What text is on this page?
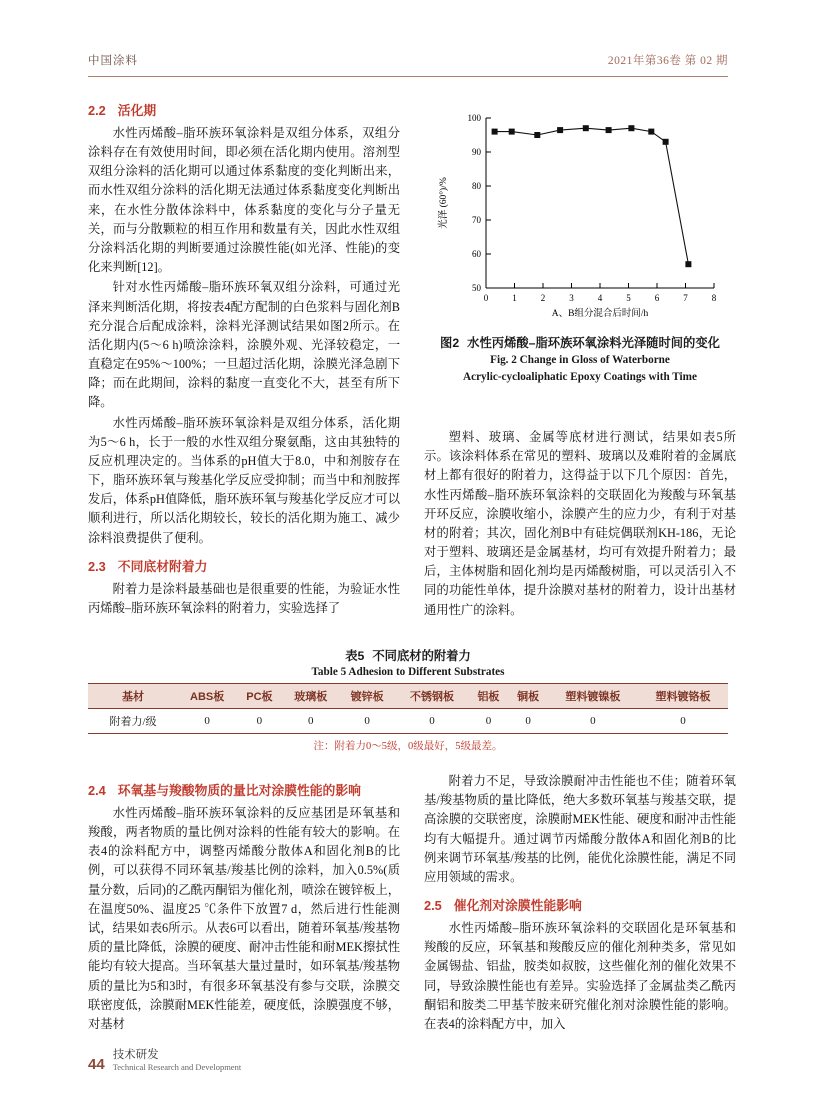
中国涂料	2021年第36卷 第 02 期
2.2 活化期

水性丙烯酸–脂环族环氧涂料是双组分体系，双组分涂料存在有效使用时间，即必须在活化期内使用。溶剂型双组分涂料的活化期可以通过体系黏度的变化判断出来，而水性双组分涂料的活化期无法通过体系黏度变化判断出来，在水性分散体涂料中，体系黏度的变化与分子量无关，而与分散颗粒的相互作用和数量有关，因此水性双组分涂料活化期的判断要通过涂膜性能(如光泽、性能)的变化来判断[12]。

针对水性丙烯酸–脂环族环氧双组分涂料，可通过光泽来判断活化期，将按表4配方配制的白色浆料与固化剂B充分混合后配成涂料，涂料光泽测试结果如图2所示。在活化期内(5～6 h)喷涂涂料，涂膜外观、光泽较稳定，一直稳定在95%～100%；一旦超过活化期，涂膜光泽急剧下降；而在此期间，涂料的黏度一直变化不大，甚至有所下降。

水性丙烯酸–脂环族环氧涂料是双组分体系，活化期为5～6 h，长于一般的水性双组分聚氨酯，这由其独特的反应机理决定的。当体系的pH值大于8.0，中和剂胺存在下，脂环族环氧与羧基化学反应受抑制；而当中和剂胺挥发后，体系pH值降低，脂环族环氧与羧基化学反应才可以顺利进行，所以活化期较长，较长的活化期为施工、减少涂料浪费提供了便利。

2.3 不同底材附着力

附着力是涂料最基础也是很重要的性能，为验证水性丙烯酸–脂环族环氧涂料的附着力，实验选择了

50
60
70
80
90
100
0	1	2	3	4	5	6	7	8
A、B组分混合后时间/h
光泽 (60°)/%
图2 水性丙烯酸–脂环族环氧涂料光泽随时间的变化
Fig. 2 Change in Gloss of Waterborne
Acrylic-cycloaliphatic Epoxy Coatings with Time

塑料、玻璃、金属等底材进行测试，结果如表5所示。该涂料体系在常见的塑料、玻璃以及难附着的金属底材上都有很好的附着力，这得益于以下几个原因：首先，水性丙烯酸–脂环族环氧涂料的交联固化为羧酸与环氧基开环反应，涂膜收缩小，涂膜产生的应力少，有利于对基材的附着；其次，固化剂B中有硅烷偶联剂KH-186，无论对于塑料、玻璃还是金属基材，均可有效提升附着力；最后，主体树脂和固化剂均是丙烯酸树脂，可以灵活引入不同的功能性单体，提升涂膜对基材的附着力，设计出基材通用性广的涂料。

表5 不同底材的附着力
Table 5 Adhesion to Different Substrates
基材	ABS板	PC板	玻璃板	镀锌板	不锈钢板	铝板	铜板	塑料镀镍板	塑料镀铬板
附着力/级	0	0	0	0	0	0	0	0	0
注：附着力0～5级，0级最好，5级最差。
2.4 环氧基与羧酸物质的量比对涂膜性能的影响

水性丙烯酸–脂环族环氧涂料的反应基团是环氧基和羧酸，两者物质的量比例对涂料的性能有较大的影响。在表4的涂料配方中，调整丙烯酸分散体A和固化剂B的比例，可以获得不同环氧基/羧基比例的涂料，加入0.5%(质量分数，后同)的乙酰丙酮铝为催化剂，喷涂在镀锌板上，在温度50%、温度25 ℃条件下放置7 d，然后进行性能测试，结果如表6所示。从表6可以看出，随着环氧基/羧基物质的量比降低，涂膜的硬度、耐冲击性能和耐MEK擦拭性能均有较大提高。当环氧基大量过量时，如环氧基/羧基物质的量比为5和3时，有很多环氧基没有参与交联，涂膜交联密度低，涂膜耐MEK性能差，硬度低，涂膜强度不够，对基材

附着力不足，导致涂膜耐冲击性能也不佳；随着环氧基/羧基物质的量比降低，绝大多数环氧基与羧基交联，提高涂膜的交联密度，涂膜耐MEK性能、硬度和耐冲击性能均有大幅提升。通过调节丙烯酸分散体A和固化剂B的比例来调节环氧基/羧基的比例，能优化涂膜性能，满足不同应用领域的需求。

2.5 催化剂对涂膜性能影响

水性丙烯酸–脂环族环氧涂料的交联固化是环氧基和羧酸的反应，环氧基和羧酸反应的催化剂种类多，常见如金属锡盐、铝盐，胺类如叔胺，这些催化剂的催化效果不同，导致涂膜性能也有差异。实验选择了金属盐类乙酰丙酮铝和胺类二甲基苄胺来研究催化剂对涂膜性能的影响。在表4的涂料配方中，加入

44
技术研发
Technical Research and Development
